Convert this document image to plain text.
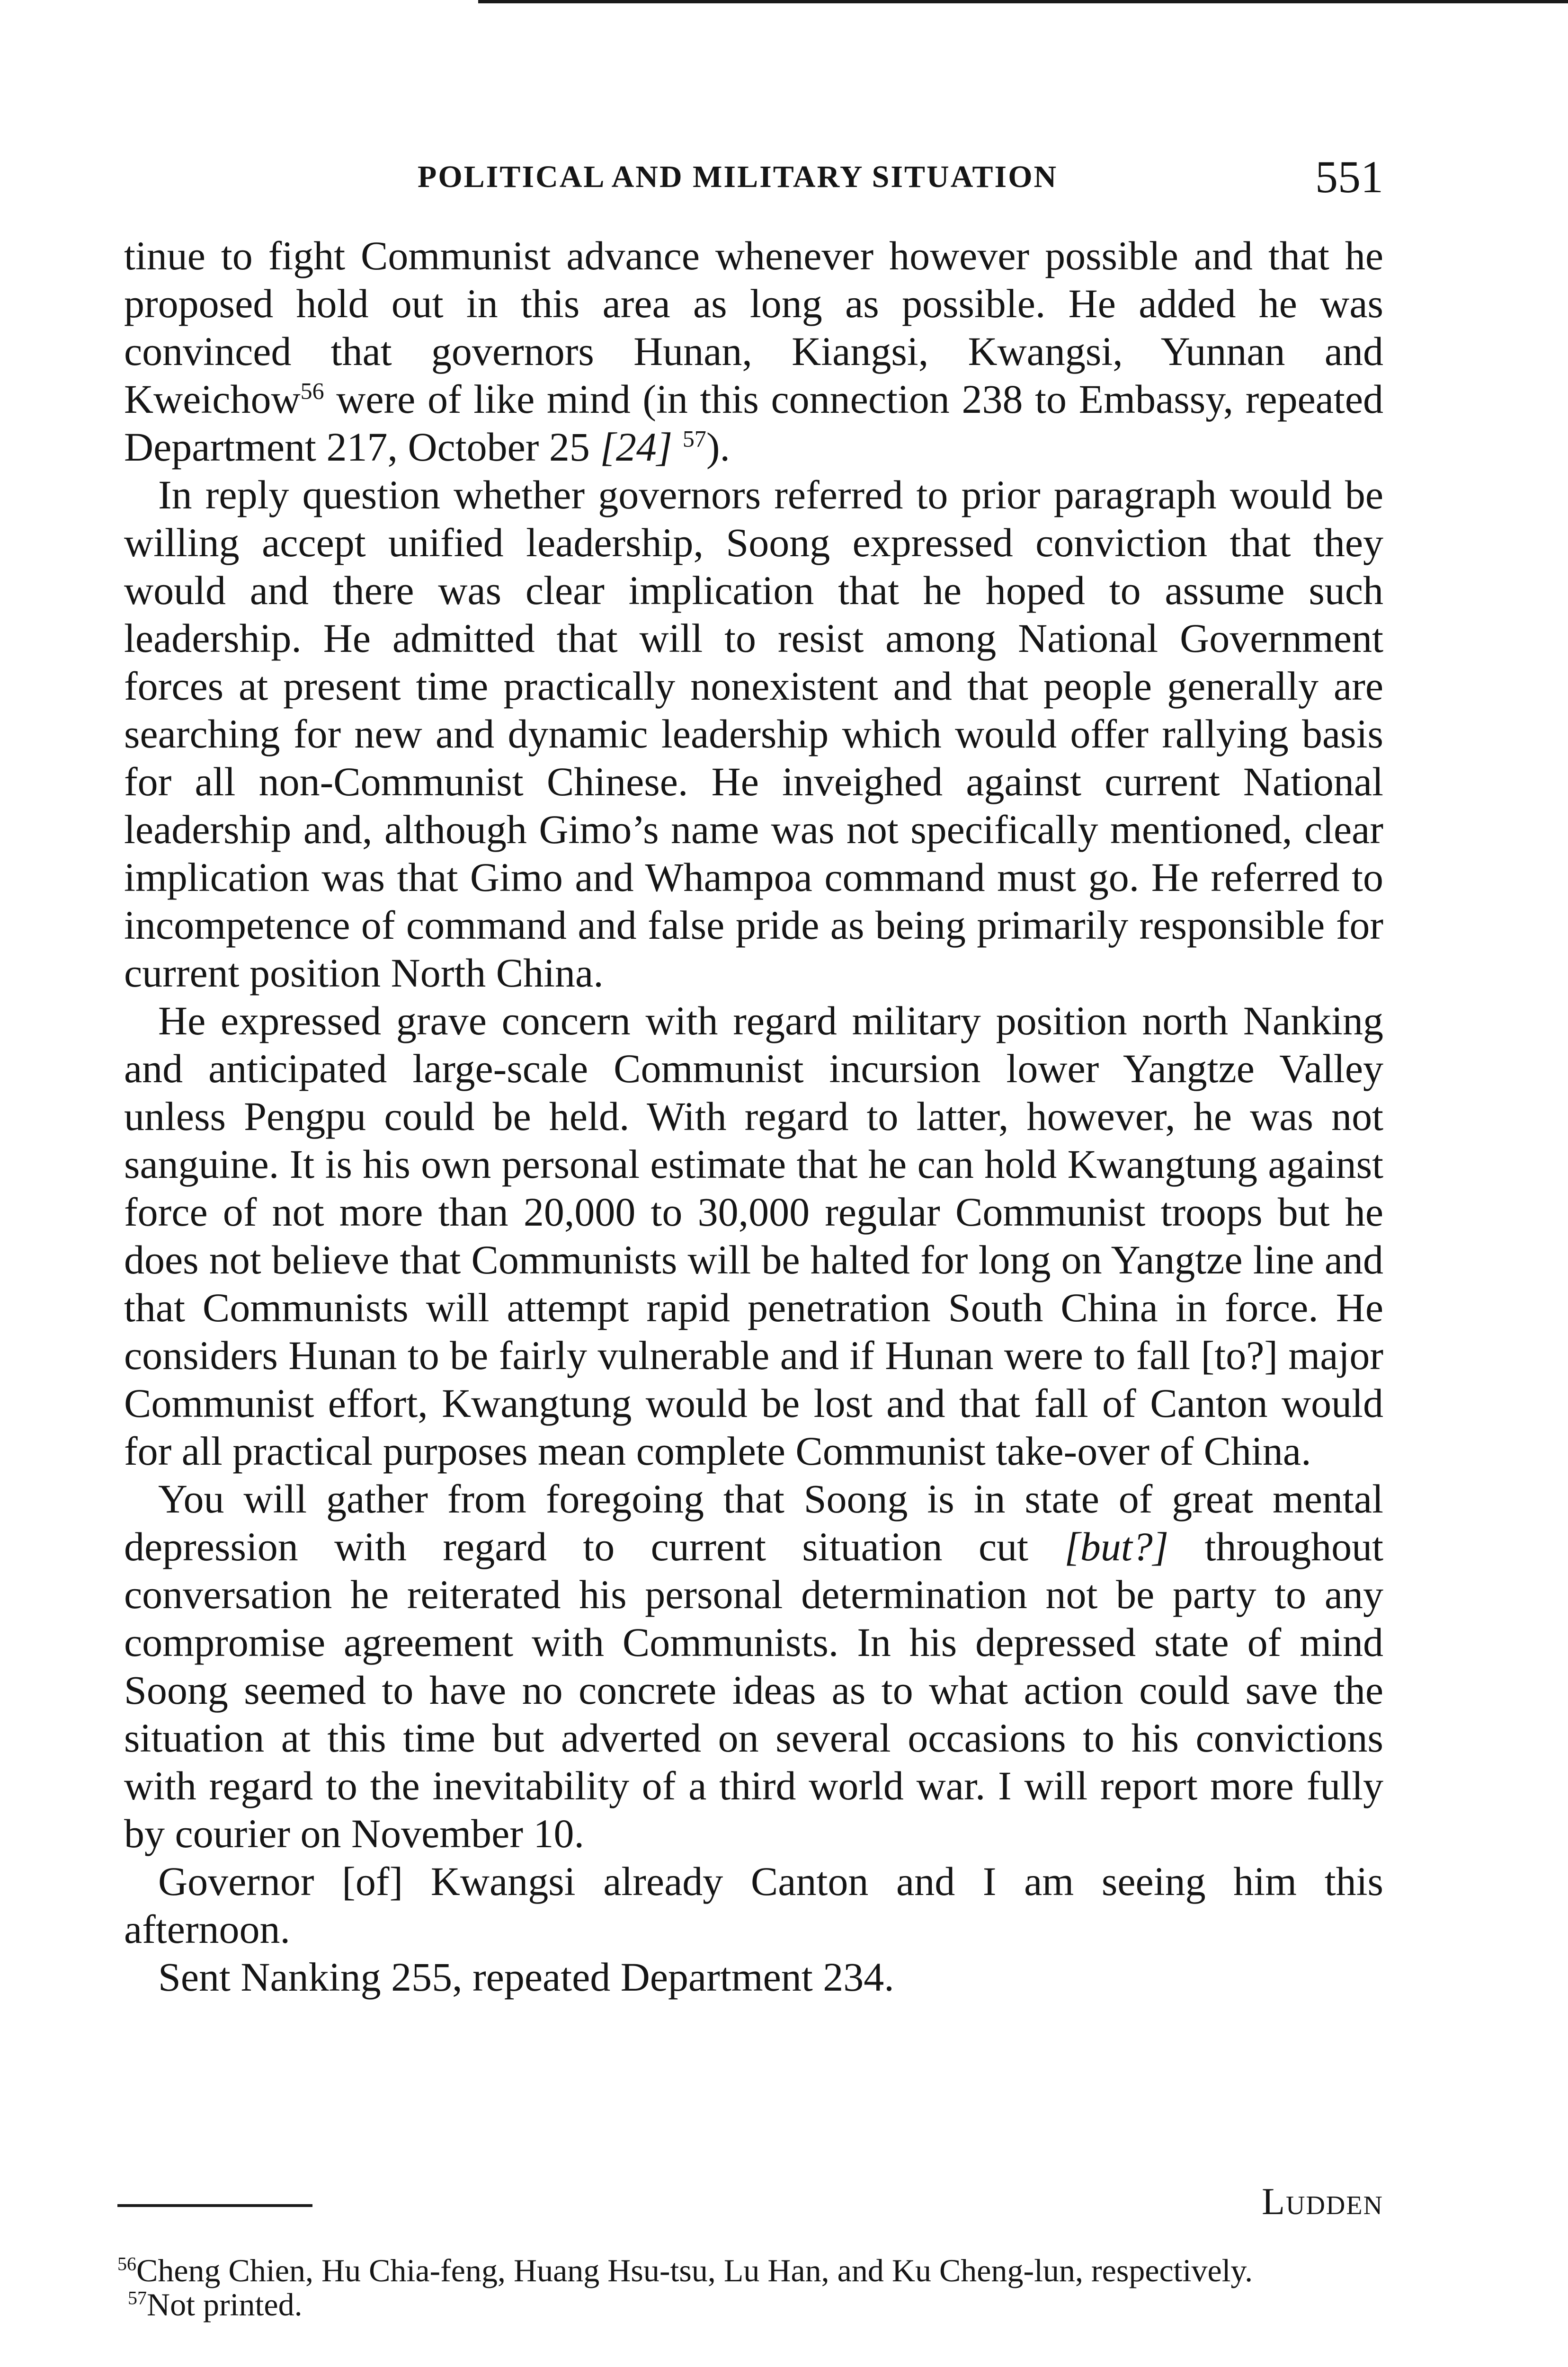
POLITICAL AND MILITARY SITUATION	551

tinue to fight Communist advance whenever however possible and that he proposed hold out in this area as long as possible. He added he was convinced that governors Hunan, Kiangsi, Kwangsi, Yunnan and Kweichow$^{56}$ were of like mind (in this connection 238 to Embassy, repeated Department 217, October 25 [24] $^{57}$).

In reply question whether governors referred to prior paragraph would be willing accept unified leadership, Soong expressed conviction that they would and there was clear implication that he hoped to assume such leadership. He admitted that will to resist among National Government forces at present time practically nonexistent and that people generally are searching for new and dynamic leadership which would offer rallying basis for all non-Communist Chinese. He inveighed against current National leadership and, although Gimo’s name was not specifically mentioned, clear implication was that Gimo and Whampoa command must go. He referred to incompetence of command and false pride as being primarily responsible for current position North China.

He expressed grave concern with regard military position north Nanking and anticipated large-scale Communist incursion lower Yangtze Valley unless Pengpu could be held. With regard to latter, however, he was not sanguine. It is his own personal estimate that he can hold Kwangtung against force of not more than 20,000 to 30,000 regular Communist troops but he does not believe that Communists will be halted for long on Yangtze line and that Communists will attempt rapid penetration South China in force. He considers Hunan to be fairly vulnerable and if Hunan were to fall [to?] major Communist effort, Kwangtung would be lost and that fall of Canton would for all practical purposes mean complete Communist take-over of China.

You will gather from foregoing that Soong is in state of great mental depression with regard to current situation cut [but?] throughout conversation he reiterated his personal determination not be party to any compromise agreement with Communists. In his depressed state of mind Soong seemed to have no concrete ideas as to what action could save the situation at this time but adverted on several occasions to his convictions with regard to the inevitability of a third world war. I will report more fully by courier on November 10.

Governor [of] Kwangsi already Canton and I am seeing him this afternoon.

Sent Nanking 255, repeated Department 234.

Ludden

$^{56}$Cheng Chien, Hu Chia-feng, Huang Hsu-tsu, Lu Han, and Ku Cheng-lun, respectively.

$^{57}$Not printed.
